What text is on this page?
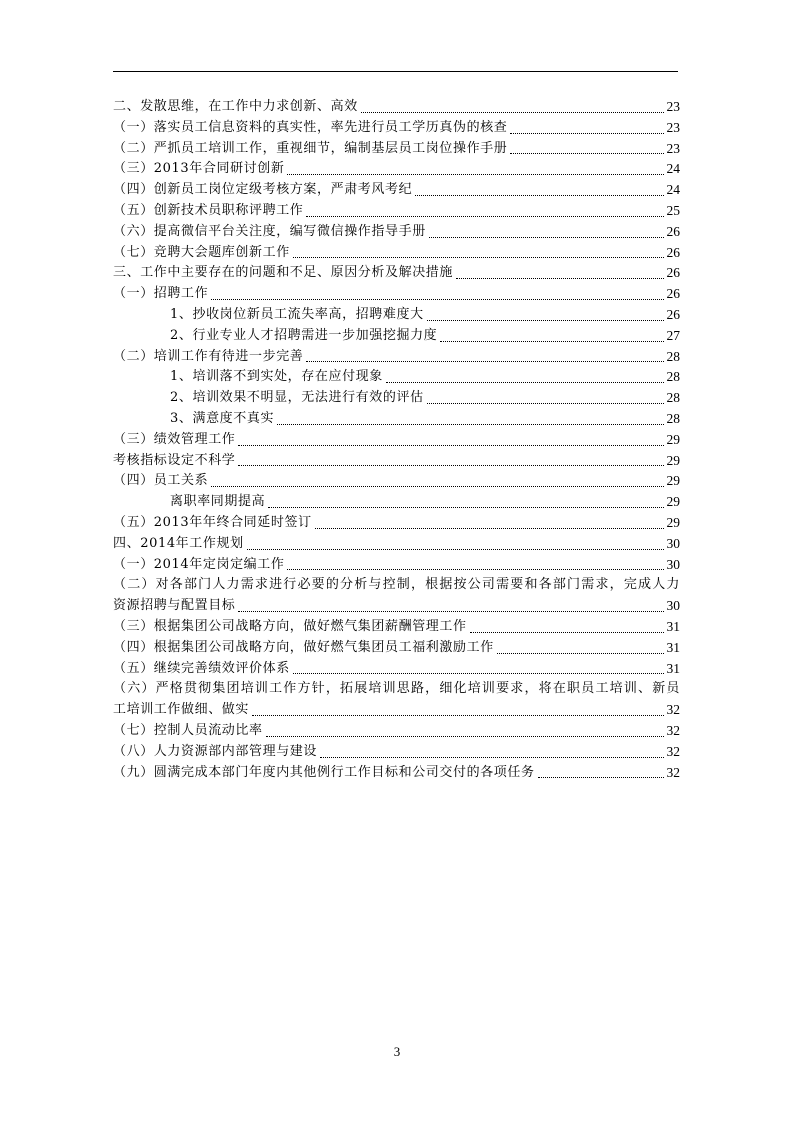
二、发散思维，在工作中力求创新、高效	23
（一）落实员工信息资料的真实性，率先进行员工学历真伪的核查	23
（二）严抓员工培训工作，重视细节，编制基层员工岗位操作手册	23
（三）2013年合同研讨创新	24
（四）创新员工岗位定级考核方案，严肃考风考纪	24
（五）创新技术员职称评聘工作	25
（六）提高微信平台关注度，编写微信操作指导手册	26
（七）竞聘大会题库创新工作	26
三、工作中主要存在的问题和不足、原因分析及解决措施	26
（一）招聘工作	26
1、抄收岗位新员工流失率高，招聘难度大	26
2、行业专业人才招聘需进一步加强挖掘力度	27
（二）培训工作有待进一步完善	28
1、培训落不到实处，存在应付现象	28
2、培训效果不明显，无法进行有效的评估	28
3、满意度不真实	28
（三）绩效管理工作	29
考核指标设定不科学	29
（四）员工关系	29
离职率同期提高	29
（五）2013年年终合同延时签订	29
四、2014年工作规划	30
（一）2014年定岗定编工作	30
（二）对各部门人力需求进行必要的分析与控制，根据按公司需要和各部门需求，完成人力
资源招聘与配置目标	30
（三）根据集团公司战略方向，做好燃气集团薪酬管理工作	31
（四）根据集团公司战略方向，做好燃气集团员工福利激励工作	31
（五）继续完善绩效评价体系	31
（六）严格贯彻集团培训工作方针，拓展培训思路，细化培训要求，将在职员工培训、新员
工培训工作做细、做实	32
（七）控制人员流动比率	32
（八）人力资源部内部管理与建设	32
（九）圆满完成本部门年度内其他例行工作目标和公司交付的各项任务	32
3
